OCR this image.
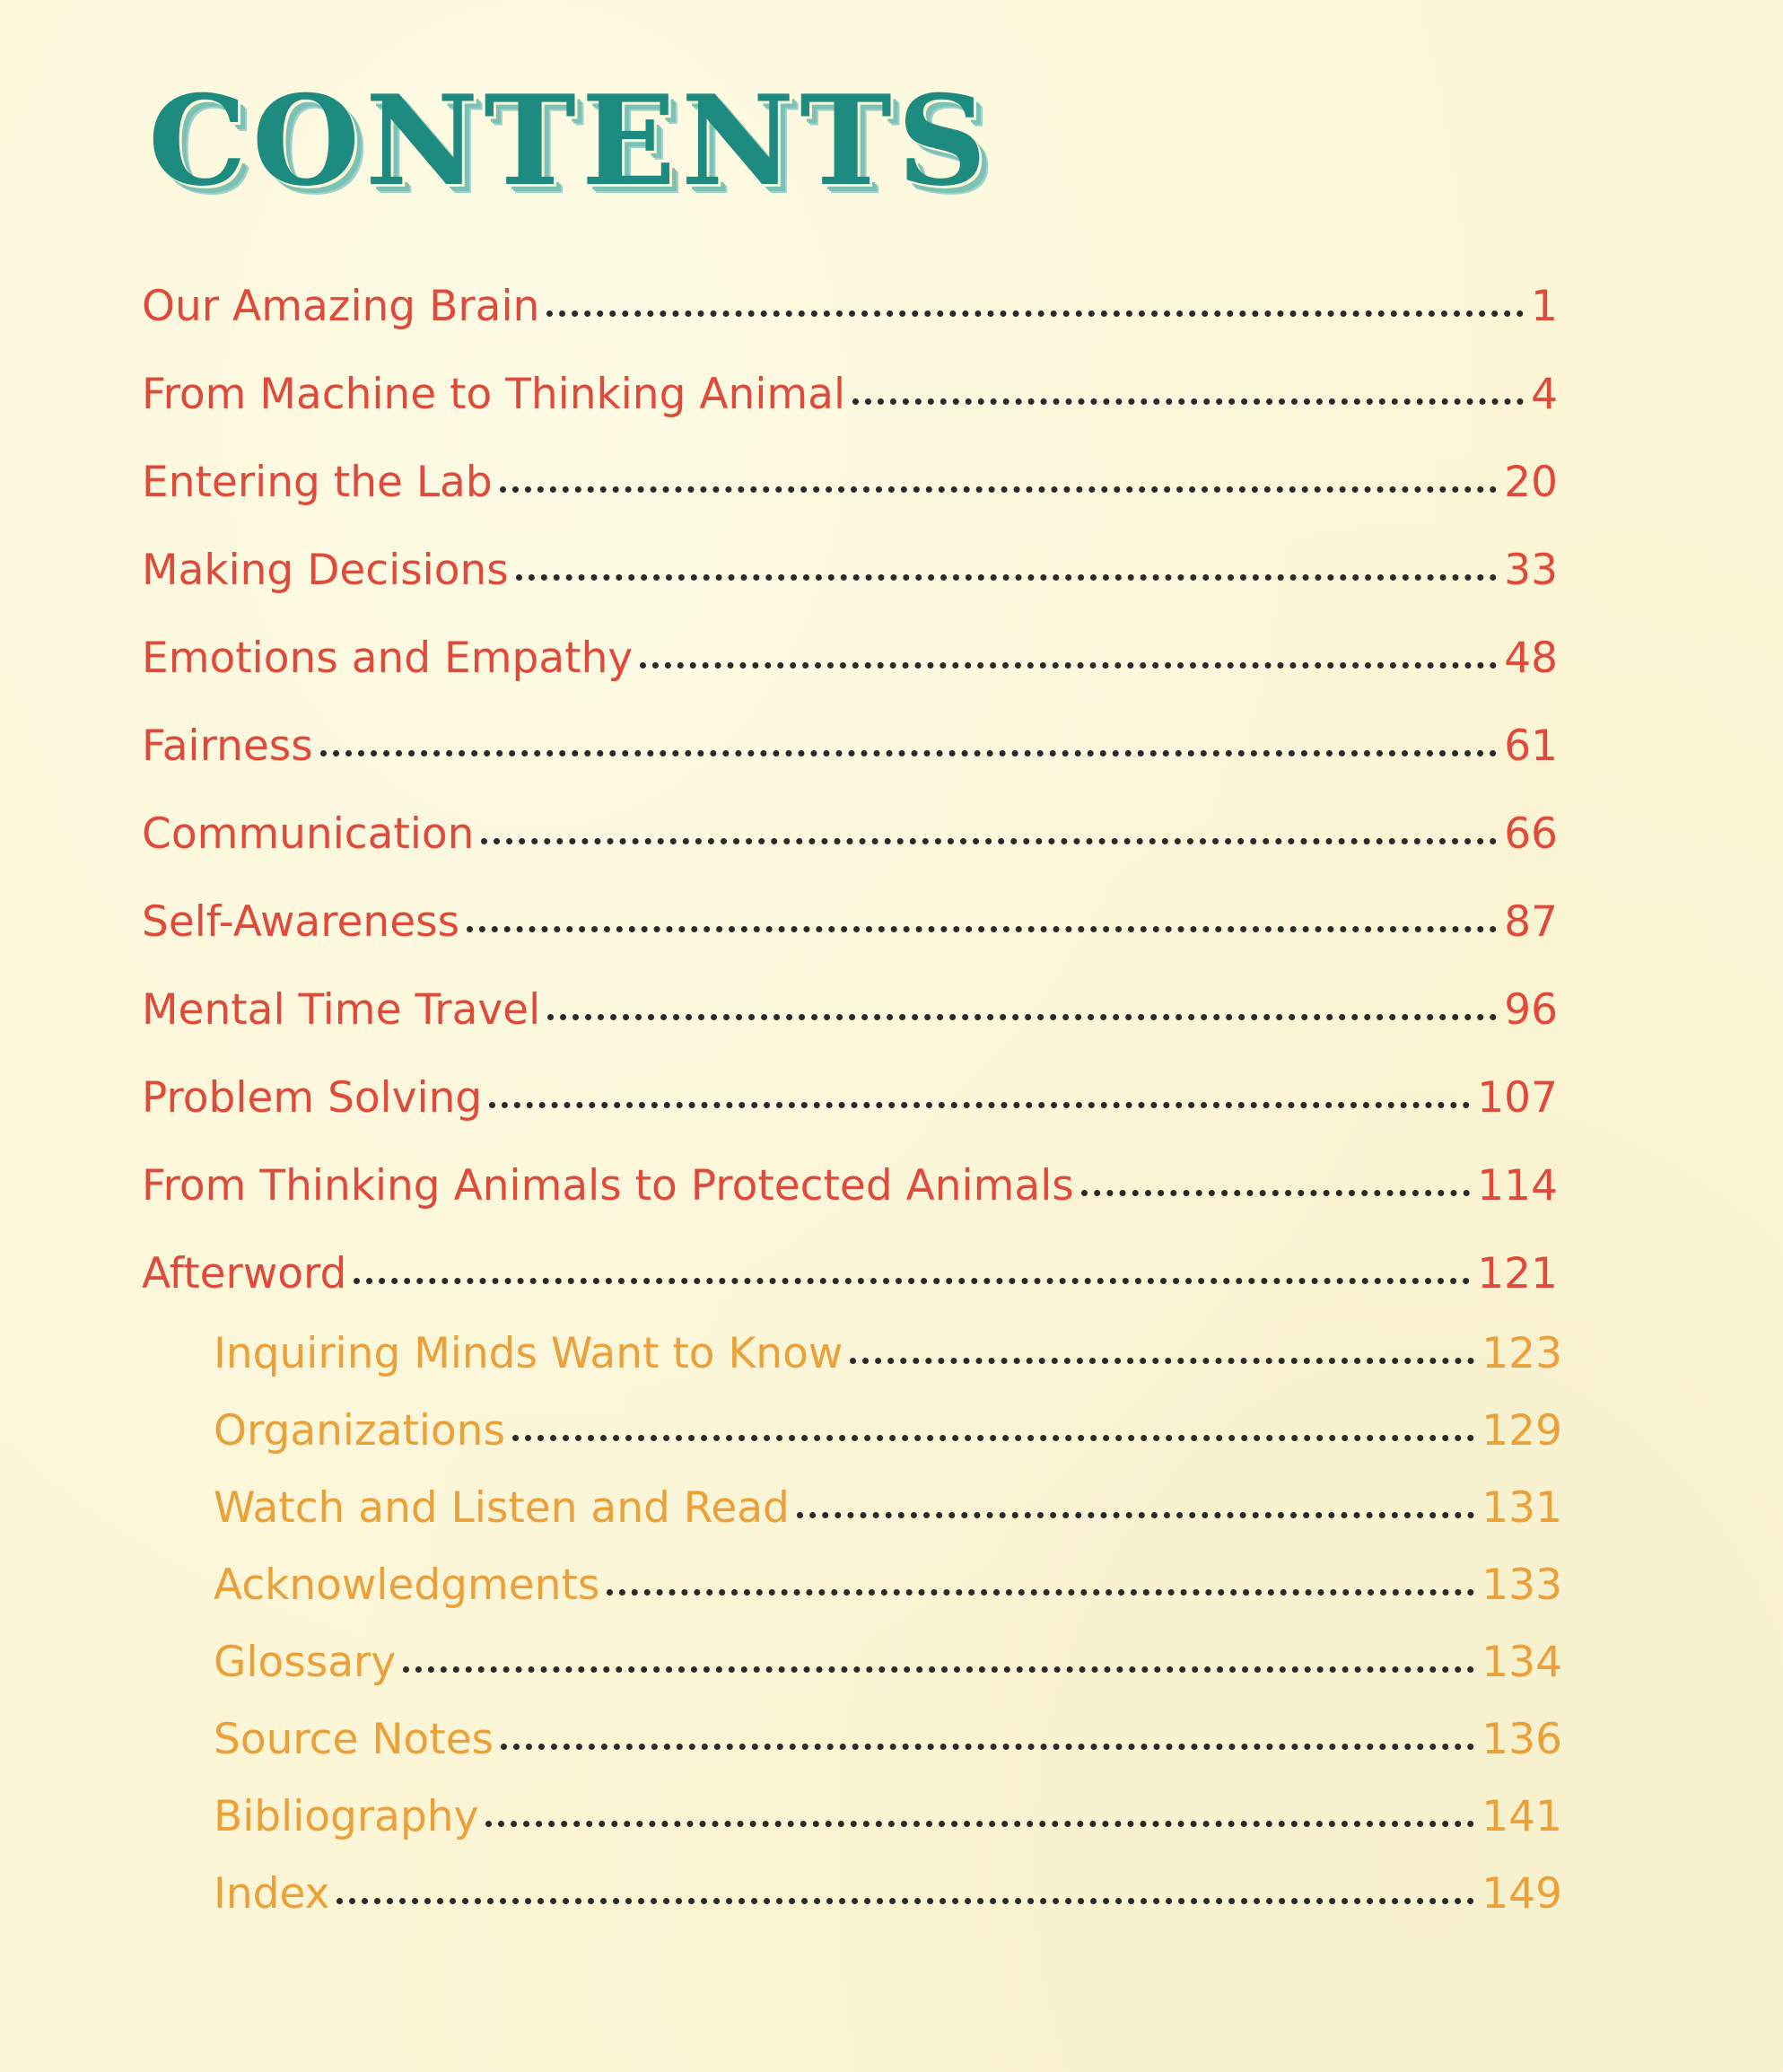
CONTENTS
Our Amazing Brain	1
From Machine to Thinking Animal	4
Entering the Lab	20
Making Decisions	33
Emotions and Empathy	48
Fairness	61
Communication	66
Self-Awareness	87
Mental Time Travel	96
Problem Solving	107
From Thinking Animals to Protected Animals	114
Afterword	121
Inquiring Minds Want to Know	123
Organizations	129
Watch and Listen and Read	131
Acknowledgments	133
Glossary	134
Source Notes	136
Bibliography	141
Index	149
